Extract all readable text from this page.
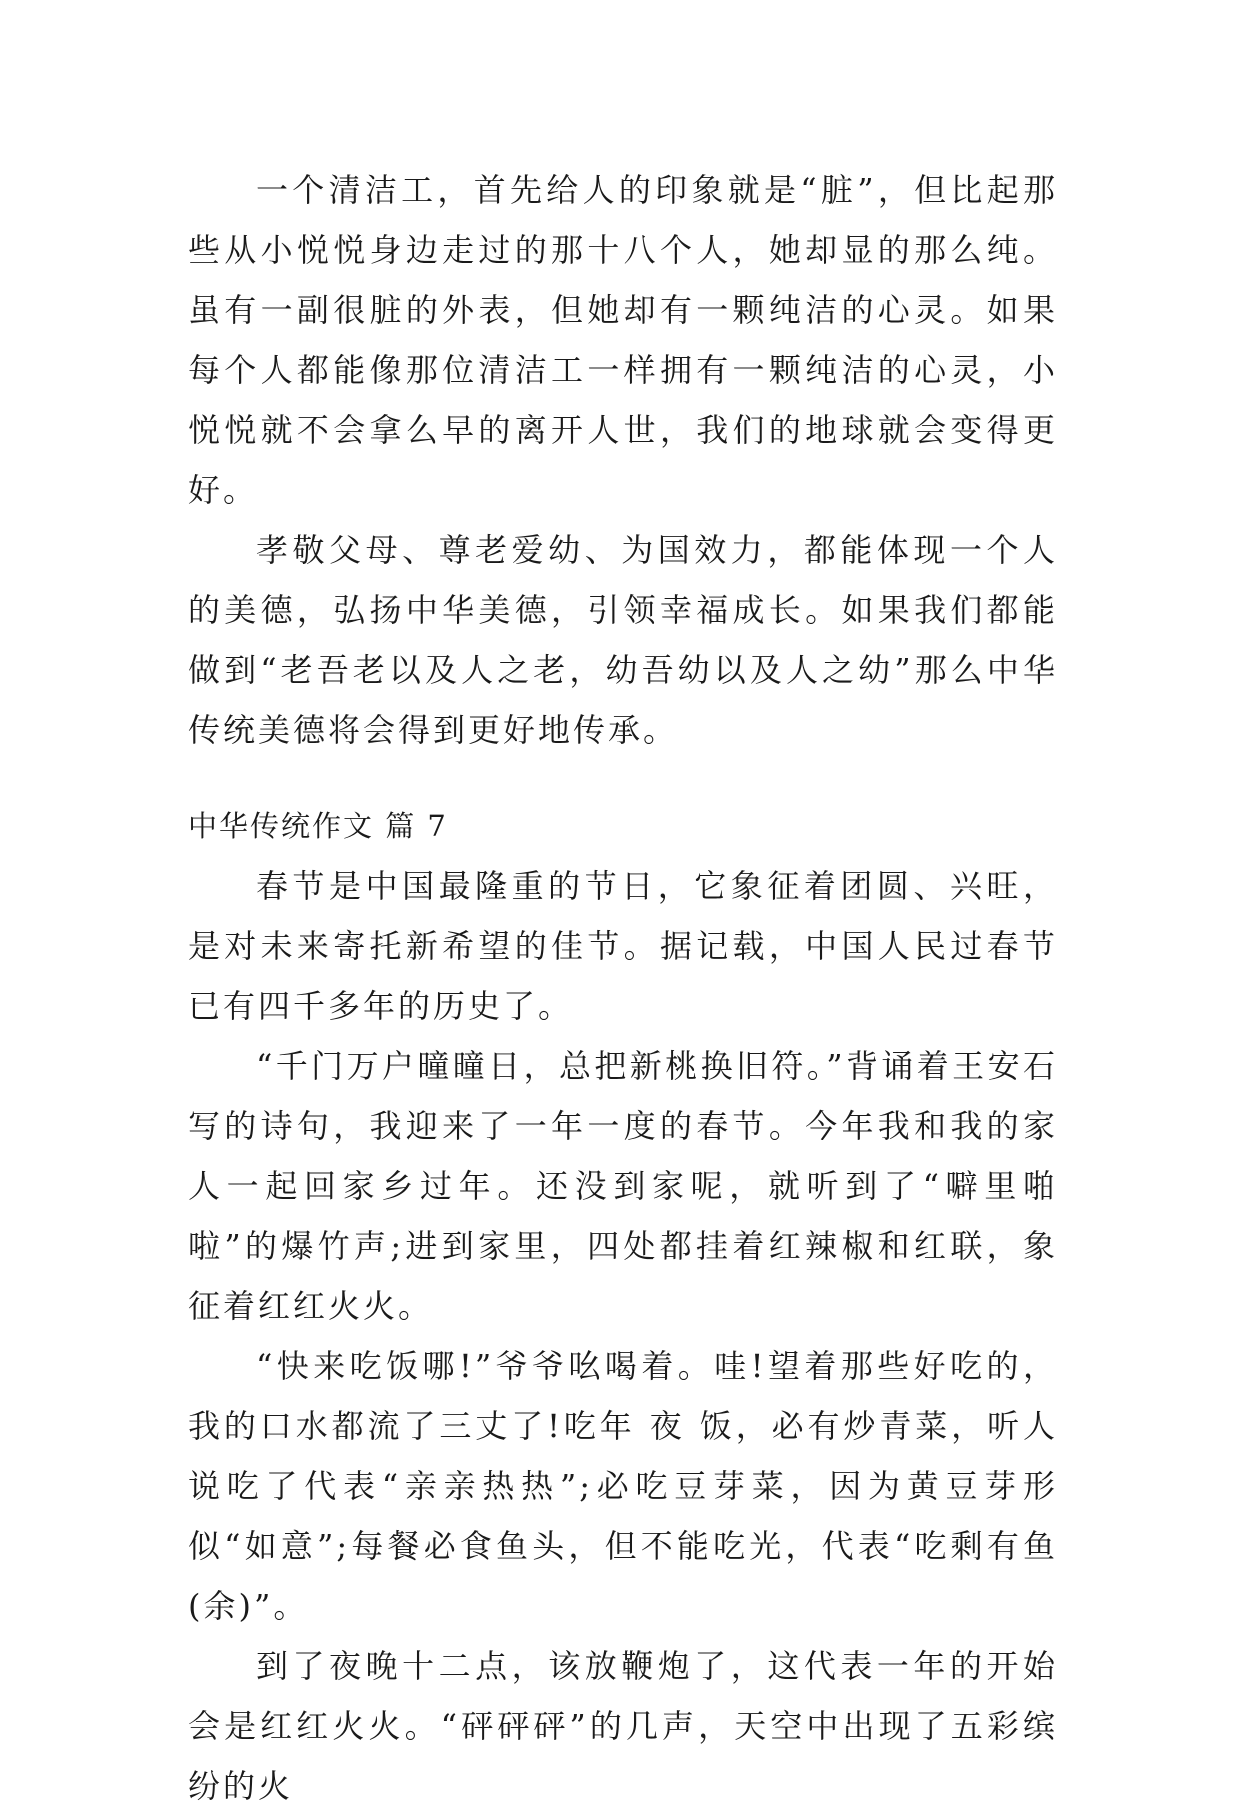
一个清洁工，首先给人的印象就是“脏”，但比起那些从小悦悦身边走过的那十八个人，她却显的那么纯。虽有一副很脏的外表，但她却有一颗纯洁的心灵。如果每个人都能像那位清洁工一样拥有一颗纯洁的心灵，小悦悦就不会拿么早的离开人世，我们的地球就会变得更好。

孝敬父母、尊老爱幼、为国效力，都能体现一个人的美德，弘扬中华美德，引领幸福成长。如果我们都能做到“老吾老以及人之老，幼吾幼以及人之幼”那么中华传统美德将会得到更好地传承。

中华传统作文 篇 7

春节是中国最隆重的节日，它象征着团圆、兴旺，是对未来寄托新希望的佳节。据记载，中国人民过春节已有四千多年的历史了。

“千门万户曈曈日，总把新桃换旧符。”背诵着王安石写的诗句，我迎来了一年一度的春节。今年我和我的家人一起回家乡过年。还没到家呢，就听到了“噼里啪啦”的爆竹声;进到家里，四处都挂着红辣椒和红联，象征着红红火火。

“快来吃饭哪!”爷爷吆喝着。哇!望着那些好吃的，我的口水都流了三丈了!吃年 夜 饭，必有炒青菜，听人说吃了代表“亲亲热热”;必吃豆芽菜，因为黄豆芽形似“如意”;每餐必食鱼头，但不能吃光，代表“吃剩有鱼(余)”。

到了夜晚十二点，该放鞭炮了，这代表一年的开始会是红红火火。“砰砰砰”的几声，天空中出现了五彩缤纷的火
